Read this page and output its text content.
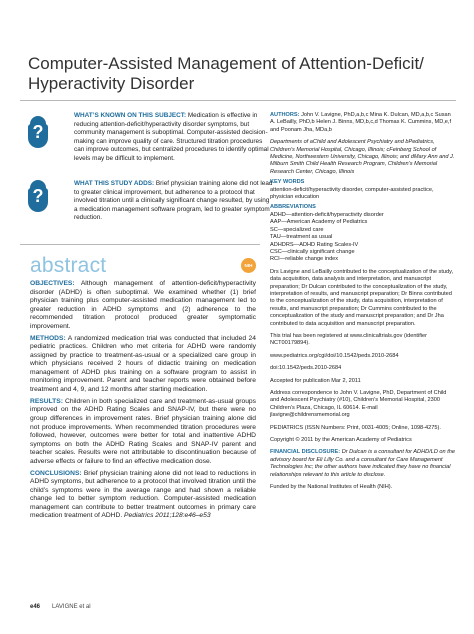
Computer-Assisted Management of Attention-Deficit/
Hyperactivity Disorder
?
?
WHAT’S KNOWN ON THIS SUBJECT: Medication is effective in reducing attention-deficit/hyperactivity disorder symptoms, but community management is suboptimal. Computer-assisted decision-making can improve quality of care. Structured titration procedures can improve outcomes, but centralized procedures to identify optimal levels may be difficult to implement.
WHAT THIS STUDY ADDS: Brief physician training alone did not lead to greater clinical improvement, but adherence to a protocol that involved titration until a clinically significant change resulted, by using a medication management software program, led to greater symptom reduction.
abstract	NIH

OBJECTIVES: Although management of attention-deficit/hyperactivity disorder (ADHD) is often suboptimal. We examined whether (1) brief physician training plus computer-assisted medication management led to greater reduction in ADHD symptoms and (2) adherence to the recommended titration protocol produced greater symptomatic improvement.

METHODS: A randomized medication trial was conducted that included 24 pediatric practices. Children who met criteria for ADHD were randomly assigned by practice to treatment-as-usual or a specialized care group in which physicians received 2 hours of didactic training on medication management of ADHD plus training on a software program to assist in monitoring improvement. Parent and teacher reports were obtained before treatment and 4, 9, and 12 months after starting medication.

RESULTS: Children in both specialized care and treatment-as-usual groups improved on the ADHD Rating Scales and SNAP-IV, but there were no group differences in improvement rates. Brief physician training alone did not produce improvements. When recommended titration procedures were followed, however, outcomes were better for total and inattentive ADHD symptoms on both the ADHD Rating Scales and SNAP-IV parent and teacher scales. Results were not attributable to discontinuation because of adverse effects or failure to find an effective medication dose.

CONCLUSIONS: Brief physician training alone did not lead to reductions in ADHD symptoms, but adherence to a protocol that involved titration until the child’s symptoms were in the average range and had shown a reliable change led to better symptom reduction. Computer-assisted medication management can contribute to better treatment outcomes in primary care medication treatment of ADHD. Pediatrics 2011;128:e46–e53

AUTHORS: John V. Lavigne, PhD,a,b,c Mina K. Dulcan, MD,a,b,c Susan A. LeBailly, PhD,b Helen J. Binns, MD,b,c,d Thomas K. Cummins, MD,e,f and Poonam Jha, MDa,b
Departments of aChild and Adolescent Psychiatry and bPediatrics, Children’s Memorial Hospital, Chicago, Illinois; cFeinberg School of Medicine, Northwestern University, Chicago, Illinois; and dMary Ann and J. Milburn Smith Child Health Research Program, Children’s Memorial Research Center, Chicago, Illinois
KEY WORDS
attention-deficit/hyperactivity disorder, computer-assisted practice, physician education
ABBREVIATIONS
ADHD—attention-deficit/hyperactivity disorder
AAP—American Academy of Pediatrics
SC—specialized care
TAU—treatment as usual
ADHDRS—ADHD Rating Scales-IV
CSC—clinically significant change
RCI—reliable change index
Drs Lavigne and LeBailly contributed to the conceptualization of the study, data acquisition, data analysis and interpretation, and manuscript preparation; Dr Dulcan contributed to the conceptualization of the study, interpretation of results, and manuscript preparation; Dr Binns contributed to the conceptualization of the study, data acquisition, interpretation of results, and manuscript preparation; Dr Cummins contributed to the conceptualization of the study and manuscript preparation; and Dr Jha contributed to data acquisition and manuscript preparation.
This trial has been registered at www.clinicaltrials.gov (identifier NCT00179894).
www.pediatrics.org/cgi/doi/10.1542/peds.2010-2684
doi:10.1542/peds.2010-2684
Accepted for publication Mar 2, 2011
Address correspondence to John V. Lavigne, PhD, Department of Child and Adolescent Psychiatry (#10), Children’s Memorial Hospital, 2300 Children’s Plaza, Chicago, IL 60614. E-mail jlavigne@childrensmemorial.org
PEDIATRICS (ISSN Numbers: Print, 0031-4005; Online, 1098-4275).
Copyright © 2011 by the American Academy of Pediatrics
FINANCIAL DISCLOSURE: Dr Dulcan is a consultant for ADHD/LD on the advisory board for Eli Lilly Co. and a consultant for Care Management Technologies Inc; the other authors have indicated they have no financial relationships relevant to this article to disclose.
Funded by the National Institutes of Health (NIH).
e46 LAVIGNE et al
